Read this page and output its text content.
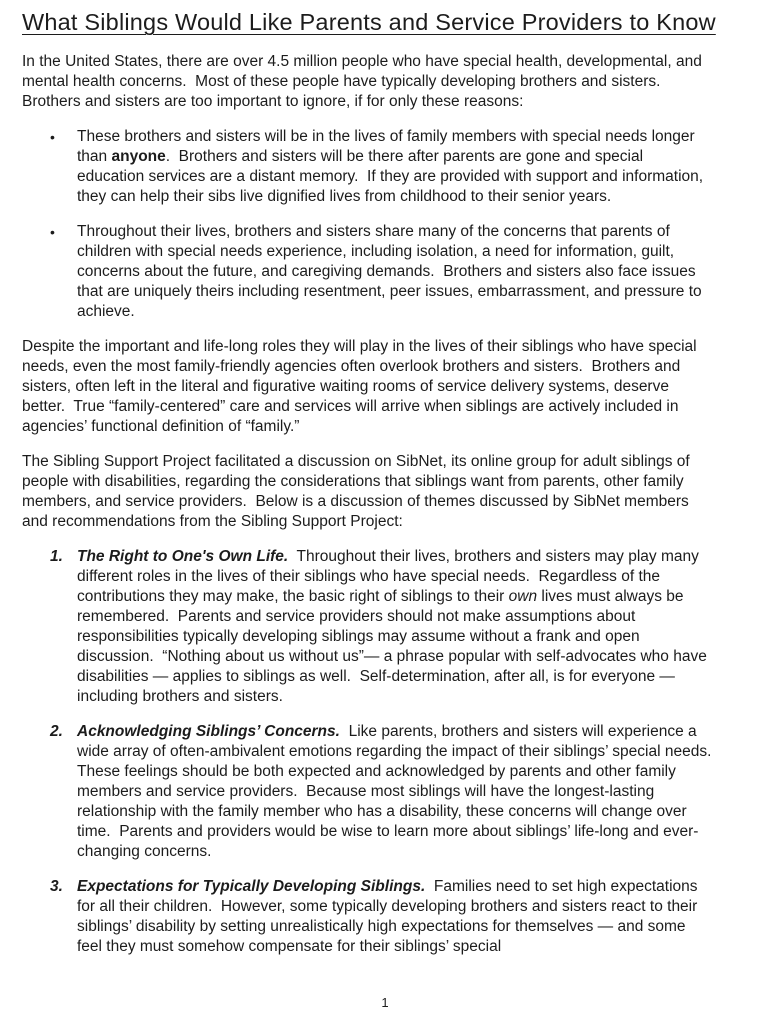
What Siblings Would Like Parents and Service Providers to Know

In the United States, there are over 4.5 million people who have special health, developmental, and mental health concerns.  Most of these people have typically developing brothers and sisters.  Brothers and sisters are too important to ignore, if for only these reasons:

• These brothers and sisters will be in the lives of family members with special needs longer than anyone.  Brothers and sisters will be there after parents are gone and special education services are a distant memory.  If they are provided with support and information, they can help their sibs live dignified lives from childhood to their senior years.
• Throughout their lives, brothers and sisters share many of the concerns that parents of children with special needs experience, including isolation, a need for information, guilt, concerns about the future, and caregiving demands.  Brothers and sisters also face issues that are uniquely theirs including resentment, peer issues, embarrassment, and pressure to achieve.

Despite the important and life-long roles they will play in the lives of their siblings who have special needs, even the most family-friendly agencies often overlook brothers and sisters.  Brothers and sisters, often left in the literal and figurative waiting rooms of service delivery systems, deserve better.  True “family-centered” care and services will arrive when siblings are actively included in agencies’ functional definition of “family.”

The Sibling Support Project facilitated a discussion on SibNet, its online group for adult siblings of people with disabilities, regarding the considerations that siblings want from parents, other family members, and service providers.  Below is a discussion of themes discussed by SibNet members and recommendations from the Sibling Support Project:

1. The Right to One's Own Life.  Throughout their lives, brothers and sisters may play many different roles in the lives of their siblings who have special needs.  Regardless of the contributions they may make, the basic right of siblings to their own lives must always be remembered.  Parents and service providers should not make assumptions about responsibilities typically developing siblings may assume without a frank and open discussion.  “Nothing about us without us”— a phrase popular with self-advocates who have disabilities — applies to siblings as well.  Self-determination, after all, is for everyone — including brothers and sisters.
2. Acknowledging Siblings’ Concerns.  Like parents, brothers and sisters will experience a wide array of often-ambivalent emotions regarding the impact of their siblings’ special needs.  These feelings should be both expected and acknowledged by parents and other family members and service providers.  Because most siblings will have the longest-lasting relationship with the family member who has a disability, these concerns will change over time.  Parents and providers would be wise to learn more about siblings’ life-long and ever-changing concerns.
3. Expectations for Typically Developing Siblings.  Families need to set high expectations for all their children.  However, some typically developing brothers and sisters react to their siblings’ disability by setting unrealistically high expectations for themselves — and some feel they must somehow compensate for their siblings’ special
1
